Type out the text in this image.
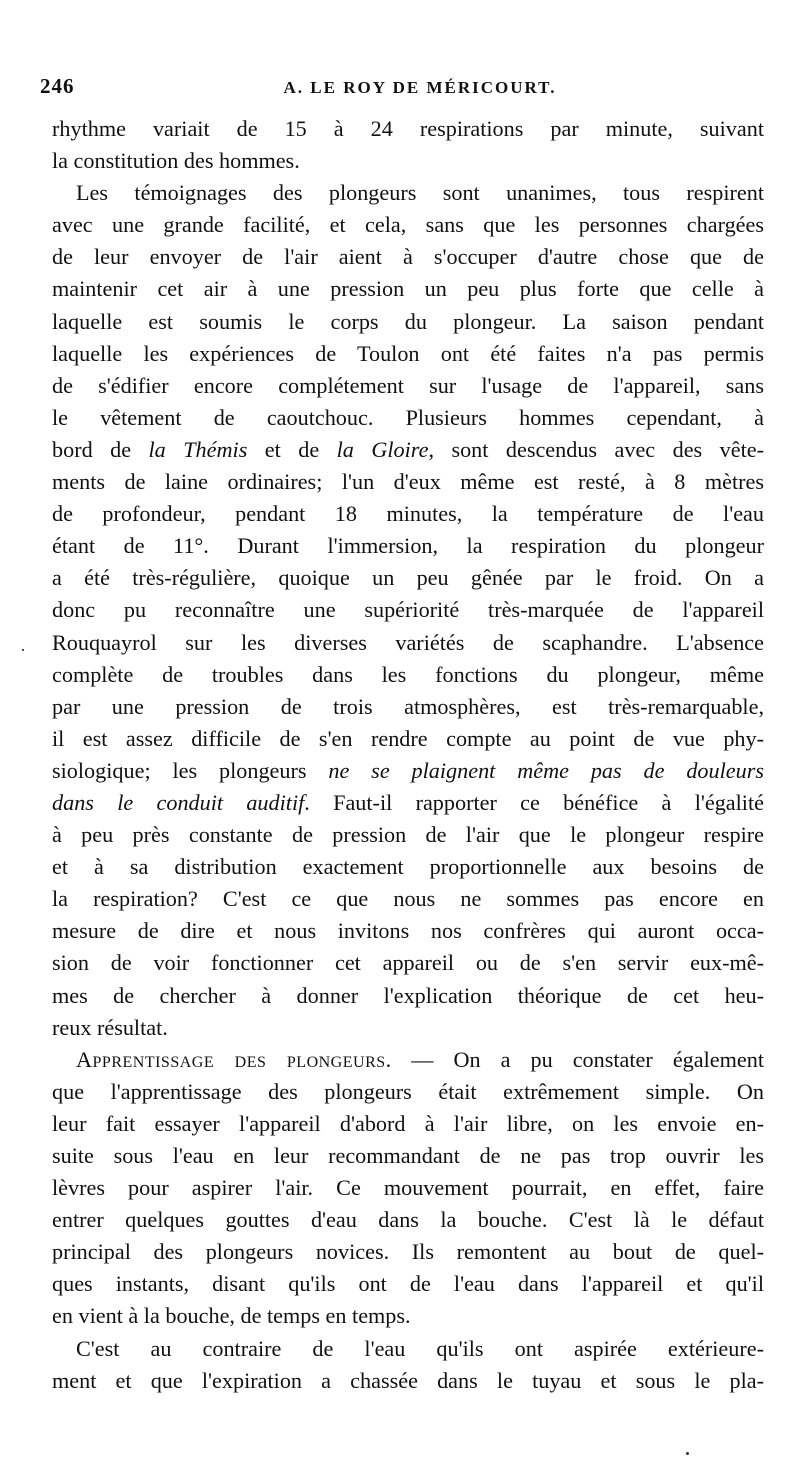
246	A. LE ROY DE MÉRICOURT.
rhythme variait de 15 à 24 respirations par minute, suivant
la constitution des hommes.
Les témoignages des plongeurs sont unanimes, tous respirent
avec une grande facilité, et cela, sans que les personnes chargées
de leur envoyer de l'air aient à s'occuper d'autre chose que de
maintenir cet air à une pression un peu plus forte que celle à
laquelle est soumis le corps du plongeur. La saison pendant
laquelle les expériences de Toulon ont été faites n'a pas permis
de s'édifier encore complétement sur l'usage de l'appareil, sans
le vêtement de caoutchouc. Plusieurs hommes cependant, à
bord de la Thémis et de la Gloire, sont descendus avec des vête-
ments de laine ordinaires; l'un d'eux même est resté, à 8 mètres
de profondeur, pendant 18 minutes, la température de l'eau
étant de 11°. Durant l'immersion, la respiration du plongeur
a été très-régulière, quoique un peu gênée par le froid. On a
donc pu reconnaître une supériorité très-marquée de l'appareil
Rouquayrol sur les diverses variétés de scaphandre. L'absence
complète de troubles dans les fonctions du plongeur, même
par une pression de trois atmosphères, est très-remarquable,
il est assez difficile de s'en rendre compte au point de vue phy-
siologique; les plongeurs ne se plaignent même pas de douleurs
dans le conduit auditif. Faut-il rapporter ce bénéfice à l'égalité
à peu près constante de pression de l'air que le plongeur respire
et à sa distribution exactement proportionnelle aux besoins de
la respiration? C'est ce que nous ne sommes pas encore en
mesure de dire et nous invitons nos confrères qui auront occa-
sion de voir fonctionner cet appareil ou de s'en servir eux-mê-
mes de chercher à donner l'explication théorique de cet heu-
reux résultat.
Apprentissage des plongeurs. — On a pu constater également
que l'apprentissage des plongeurs était extrêmement simple. On
leur fait essayer l'appareil d'abord à l'air libre, on les envoie en-
suite sous l'eau en leur recommandant de ne pas trop ouvrir les
lèvres pour aspirer l'air. Ce mouvement pourrait, en effet, faire
entrer quelques gouttes d'eau dans la bouche. C'est là le défaut
principal des plongeurs novices. Ils remontent au bout de quel-
ques instants, disant qu'ils ont de l'eau dans l'appareil et qu'il
en vient à la bouche, de temps en temps.
C'est au contraire de l'eau qu'ils ont aspirée extérieure-
ment et que l'expiration a chassée dans le tuyau et sous le pla-
·
